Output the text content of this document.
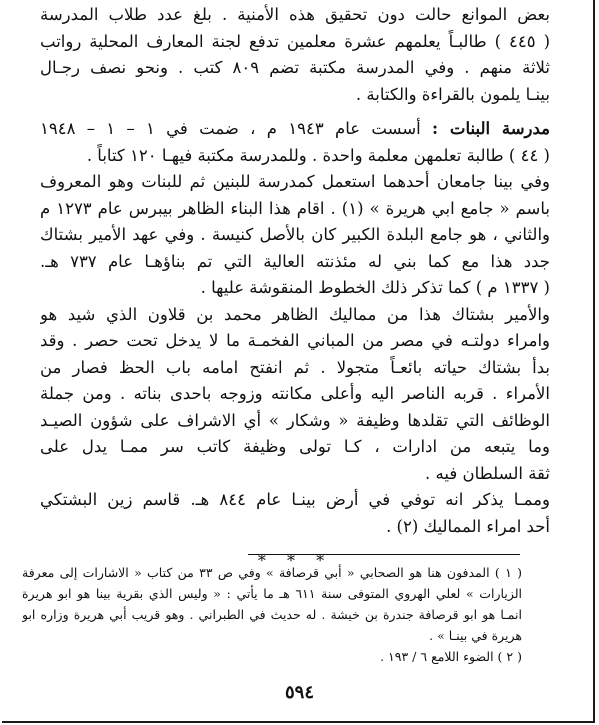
بعض الموانع حالت دون تحقيق هذه الأمنية . بلغ عدد طلاب المدرسة
( ٤٤٥ ) طالبـاً يعلمهم عشرة معلمين تدفع لجنة المعارف المحلية رواتب
ثلاثة منهم . وفي المدرسة مكتبة تضم ٨٠٩ كتب . ونحو نصف رجـال
بينـا يلمون بالقراءة والكتابة .
مدرسة البنات : أسست عام ١٩٤٣ م ، ضمت في ١ – ١ – ١٩٤٨
( ٤٤ ) طالبة تعلمهن معلمة واحدة . وللمدرسة مكتبة فيهـا ١٢٠ كتاباً .
وفي بينا جامعان أحدهما استعمل كمدرسة للبنين ثم للبنات وهو المعروف
باسم « جامع ابي هريرة » (١) . اقام هذا البناء الظاهر بيبرس عام ١٢٧٣ م
والثاني ، هو جامع البلدة الكبير كان بالأصل كنيسة . وفي عهد الأمير بشتاك
جدد هذا مع كما بني له مئذنته العالية التي تم بناؤهـا عام ٧٣٧ هـ.
( ١٣٣٧ م ) كما تذكر ذلك الخطوط المنقوشة عليها .
والأمير بشتاك هذا من مماليك الظاهر محمد بن قلاون الذي شيد هو
وامراء دولتـه في مصر من المباني الفخمـة ما لا يدخل تحت حصر . وقد
بدأ بشتاك حياته بائعـاً متجولا . ثم انفتح امامه باب الحظ فصار من
الأمراء . قربه الناصر اليه وأعلى مكانته وزوجه باحدى بناته . ومن جملة
الوظائف التي تقلدها وظيفة « وشكار » أي الاشراف على شؤون الصيـد
وما يتبعه من ادارات ، كـا تولى وظيفة كاتب سر ممـا يدل على
ثقة السلطان فيه .
وممـا يذكر انه توفي في أرض بينـا عام ٨٤٤ هـ. قاسم زين البشتكي
أحد امراء المماليك (٢) .
* * *
( ١ ) المدفون هنا هو الصحابي « أبي قرصافة » وفي ص ٣٣ من كتاب « الاشارات إلى معرفة
الزيارات » لعلي الهروي المتوفى سنة ٦١١ هـ ما يأتي : « وليس الذي بقرية بينا هو ابو هريرة
انمـا هو ابو قرصافة جندرة بن خيشة . له حديث في الطبراني . وهو قريب أبي هريرة وزاره ابو
هريرة في بينـا » .
( ٢ ) الضوء اللامع ٦ / ١٩٣ .
٥٩٤
